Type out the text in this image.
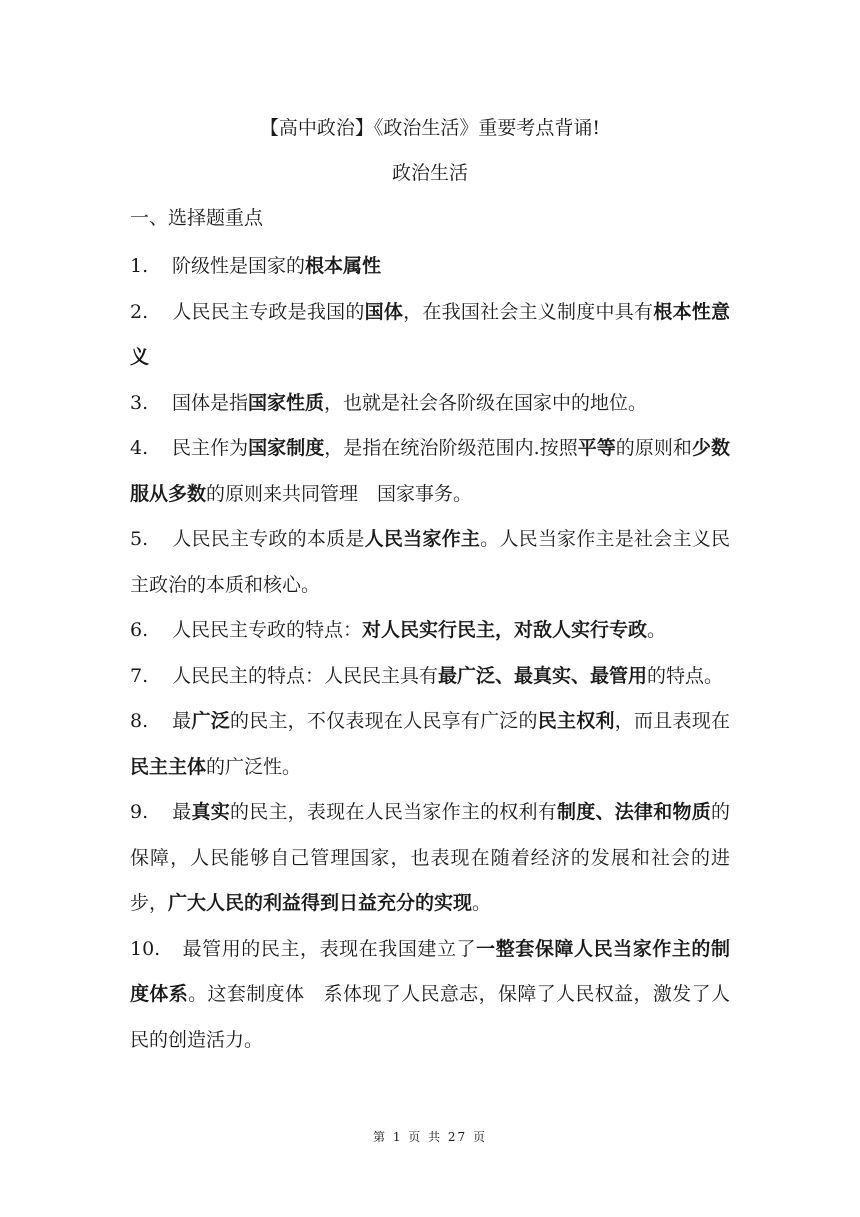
【高中政治】《政治生活》重要考点背诵!
政治生活
一、选择题重点

1. 阶级性是国家的根本属性

2. 人民民主专政是我国的国体，在我国社会主义制度中具有根本性意义

3. 国体是指国家性质，也就是社会各阶级在国家中的地位。

4. 民主作为国家制度，是指在统治阶级范围内.按照平等的原则和少数服从多数的原则来共同管理　国家事务。

5. 人民民主专政的本质是人民当家作主。人民当家作主是社会主义民主政治的本质和核心。

6. 人民民主专政的特点：对人民实行民主，对敌人实行专政。

7. 人民民主的特点：人民民主具有最广泛、最真实、最管用的特点。

8. 最广泛的民主，不仅表现在人民享有广泛的民主权利，而且表现在民主主体的广泛性。

9. 最真实的民主，表现在人民当家作主的权利有制度、法律和物质的保障，人民能够自己管理国家，也表现在随着经济的发展和社会的进步，广大人民的利益得到日益充分的实现。

10. 最管用的民主，表现在我国建立了一整套保障人民当家作主的制度体系。这套制度体　系体现了人民意志，保障了人民权益，激发了人民的创造活力。

第 1 页 共 27 页
